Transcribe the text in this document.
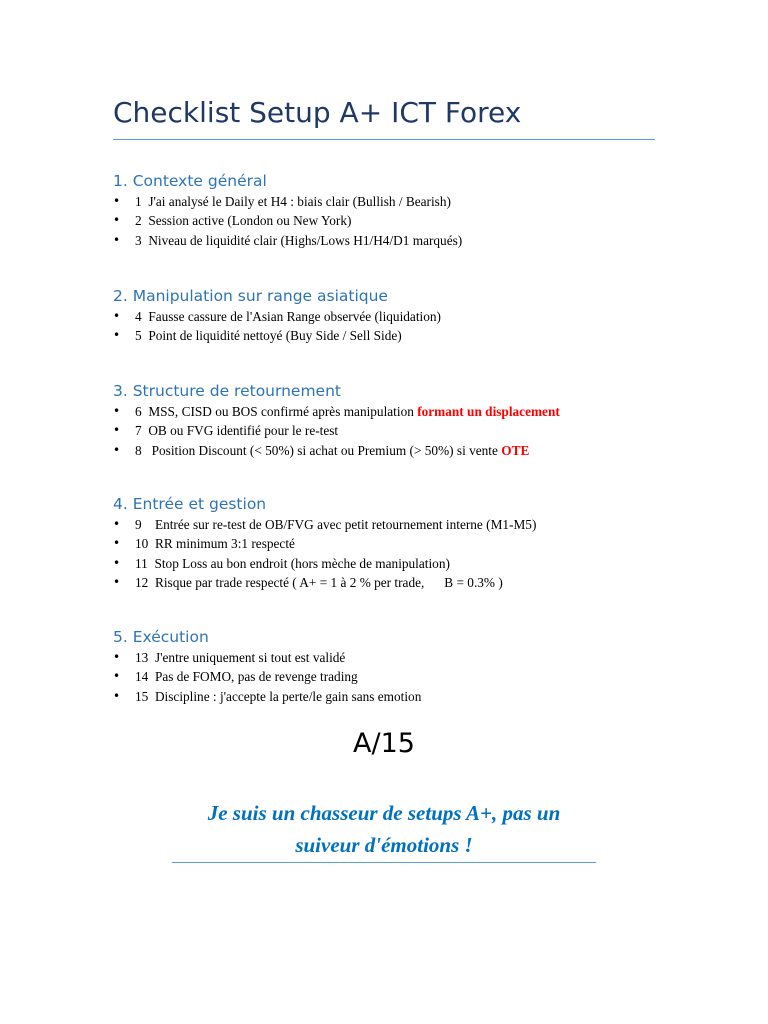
Checklist Setup A+ ICT Forex
1. Contexte général
• 1 J'ai analysé le Daily et H4 : biais clair (Bullish / Bearish)
• 2 Session active (London ou New York)
• 3 Niveau de liquidité clair (Highs/Lows H1/H4/D1 marqués)
2. Manipulation sur range asiatique
• 4 Fausse cassure de l'Asian Range observée (liquidation)
• 5 Point de liquidité nettoyé (Buy Side / Sell Side)
3. Structure de retournement
• 6 MSS, CISD ou BOS confirmé après manipulation formant un displacement
• 7 OB ou FVG identifié pour le re-test
• 8   Position Discount (< 50%) si achat ou Premium (> 50%) si vente OTE
4. Entrée et gestion
• 9    Entrée sur re-test de OB/FVG avec petit retournement interne (M1-M5)
• 10 RR minimum 3:1 respecté
• 11 Stop Loss au bon endroit (hors mèche de manipulation)
• 12 Risque par trade respecté ( A+ = 1 à 2 % per trade,      B = 0.3% )
5. Exécution
• 13 J'entre uniquement si tout est validé
• 14 Pas de FOMO, pas de revenge trading
• 15 Discipline : j'accepte la perte/le gain sans emotion
A/15
Je suis un chasseur de setups A+, pas un
suiveur d'émotions !
